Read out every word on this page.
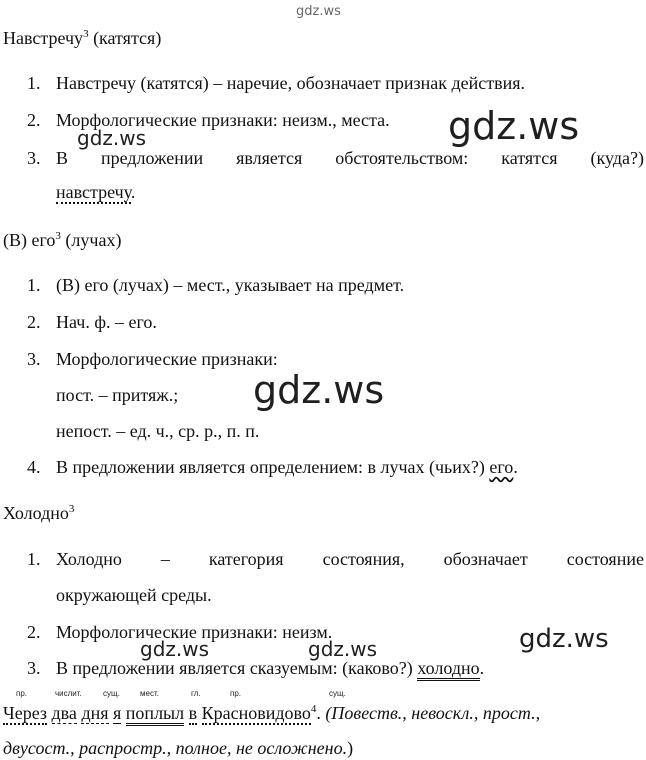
gdz.ws
gdz.ws
gdz.ws
gdz.ws
gdz.ws	gdz.ws	gdz.ws
Навстречу$^3$ (катятся)
1. Навстречу (катятся) – наречие, обозначает признак действия.
2. Морфологические признаки: неизм., места.
3. В предложении является обстоятельством: катятся (куда?)
навстречу.
(В) его$^3$ (лучах)
1. (В) его (лучах) – мест., указывает на предмет.
2. Нач. ф. – его.
3. Морфологические признаки:
пост. – притяж.;
непост. – ед. ч., ср. р., п. п.
4. В предложении является определением: в лучах (чьих?) его.
Холодно$^3$
1. Холодно – категория состояния, обозначает состояние
окружающей среды.
2. Морфологические признаки: неизм.
3. В предложении является сказуемым: (каково?) холодно.
пр.	числит.	сущ.	мест.	гл.	пр.	сущ.
Через два дня я поплыл в Красновидово$^4$. (Повеств., невоскл., прост.,
двусост., распростр., полное, не осложнено.)
